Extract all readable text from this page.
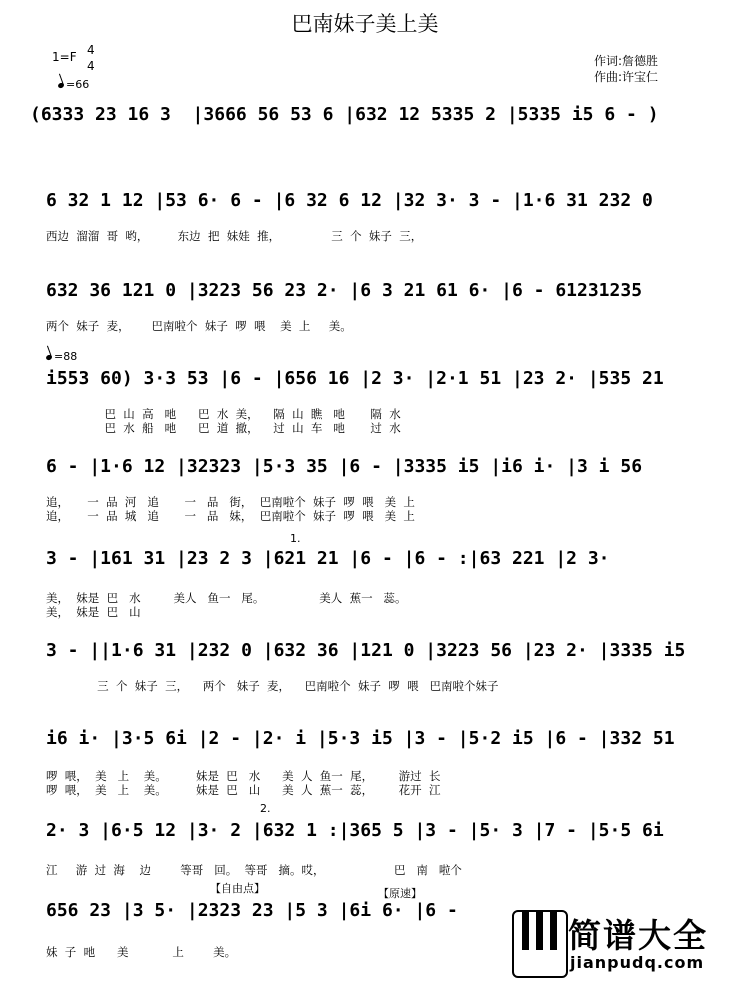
巴南妹子美上美
1=F 4
4
=66
作词:詹德胜
作曲:许宝仁
(6333 23 16 3  |3666 56 53 6 |632 12 5335 2 |5335 i5 6 - )
6 32 1 12 |53 6· 6 - |6 32 6 12 |32 3· 3 - |1·6 31 232 0
西边  溜溜  哥  哟，        东边  把  妹娃  推，              三  个  妹子  三，
632 36 121 0 |3223 56 23 2· |6 3 21 61 6· |6 - 61231235
两个  妹子  麦，      巴南啦个  妹子  啰  喂    美  上     美。
=88
i553 60) 3·3 53 |6 - |656 16 |2 3· |2·1 51 |23 2· |535 21
巴  山  高   吔      巴  水  美，    隔  山  瞧   吔       隔  水
巴  水  船   吔      巴  道  撤，    过  山  车   吔       过  水
6 - |1·6 12 |32323 |5·3 35 |6 - |3335 i5 |i6 i· |3 i 56
追，     一  品  河   追       一   品   街，  巴南啦个  妹子  啰  喂   美  上
追，     一  品  城   追       一   品   妹，  巴南啦个  妹子  啰  喂   美  上
1.
3 - |161 31 |23 2 3 |621 21 |6 - |6 - :|63 221 |2 3·
美，  妹是  巴   水         美人   鱼一   尾。               美人  蕉一   蕊。
美，  妹是  巴   山
3 - ||1·6 31 |232 0 |632 36 |121 0 |3223 56 |23 2· |3335 i5
三  个  妹子  三，    两个   妹子  麦，    巴南啦个  妹子  啰  喂   巴南啦个妹子
i6 i· |3·5 6i |2 - |2· i |5·3 i5 |3 - |5·2 i5 |6 - |332 51
啰  喂，  美   上    美。        妹是  巴   水      美  人  鱼一  尾，       游过  长
啰  喂，  美   上    美。        妹是  巴   山      美  人  蕉一  蕊，       花开  江
2.
2· 3 |6·5 12 |3· 2 |632 1 :|365 5 |3 - |5· 3 |7 - |5·5 6i
江     游  过  海    边        等哥   回。  等哥   摘。哎，                   巴   南   啦个
【自由点】	【原速】
656 23 |3 5· |2323 23 |5 3 |6i 6· |6 -
妹  子  吔      美            上        美。	简谱大全
jianpudq.com
